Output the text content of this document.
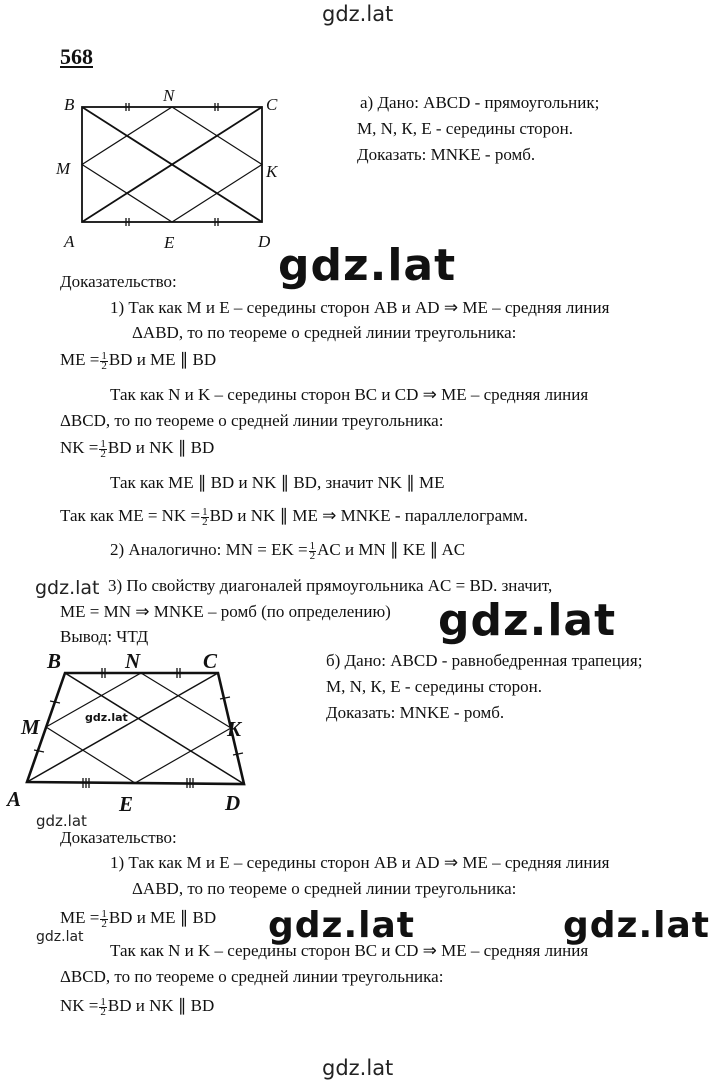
gdz.lat
gdz.lat
gdz.lat
gdz.lat
gdz.lat
gdz.lat	gdz.lat	gdz.lat
gdz.lat
568
B	N	C
M	K
A	E	D
а) Дано: ABCD - прямоугольник;
M, N, К, Е - середины сторон.
Доказать: MNKE - ромб.
Доказательство:
1) Так как M и E – середины сторон AB и AD ⇒ ME – средняя линия
ΔABD, то по теореме о средней линии треугольника:
ME = $\frac{1}{2}$ BD и ME ∥ BD
Так как N и K – середины сторон BC и CD ⇒ ME – средняя линия
ΔBCD, то по теореме о средней линии треугольника:
NK = $\frac{1}{2}$ BD и NK ∥ BD
Так как ME ∥ BD и NK ∥ BD, значит NK ∥ ME
Так как ME = NK = $\frac{1}{2}$ BD и NK ∥ ME ⇒ MNKE - параллелограмм.
2) Аналогично: MN = EK = $\frac{1}{2}$ AC и MN ∥ KE ∥ AC
3) По свойству диагоналей прямоугольника AC = BD. значит,
ME = MN ⇒ MNKE – ромб (по определению)
Вывод: ЧТД
gdz.lat
B	N	C
M	K
A	E	D
б) Дано: ABCD - равнобедренная трапеция;
M, N, К, Е - середины сторон.
Доказать: MNKE - ромб.
Доказательство:
1) Так как M и E – середины сторон AB и AD ⇒ ME – средняя линия
ΔABD, то по теореме о средней линии треугольника:
ME = $\frac{1}{2}$ BD и ME ∥ BD
Так как N и K – середины сторон BC и CD ⇒ ME – средняя линия
ΔBCD, то по теореме о средней линии треугольника:
NK = $\frac{1}{2}$ BD и NK ∥ BD
